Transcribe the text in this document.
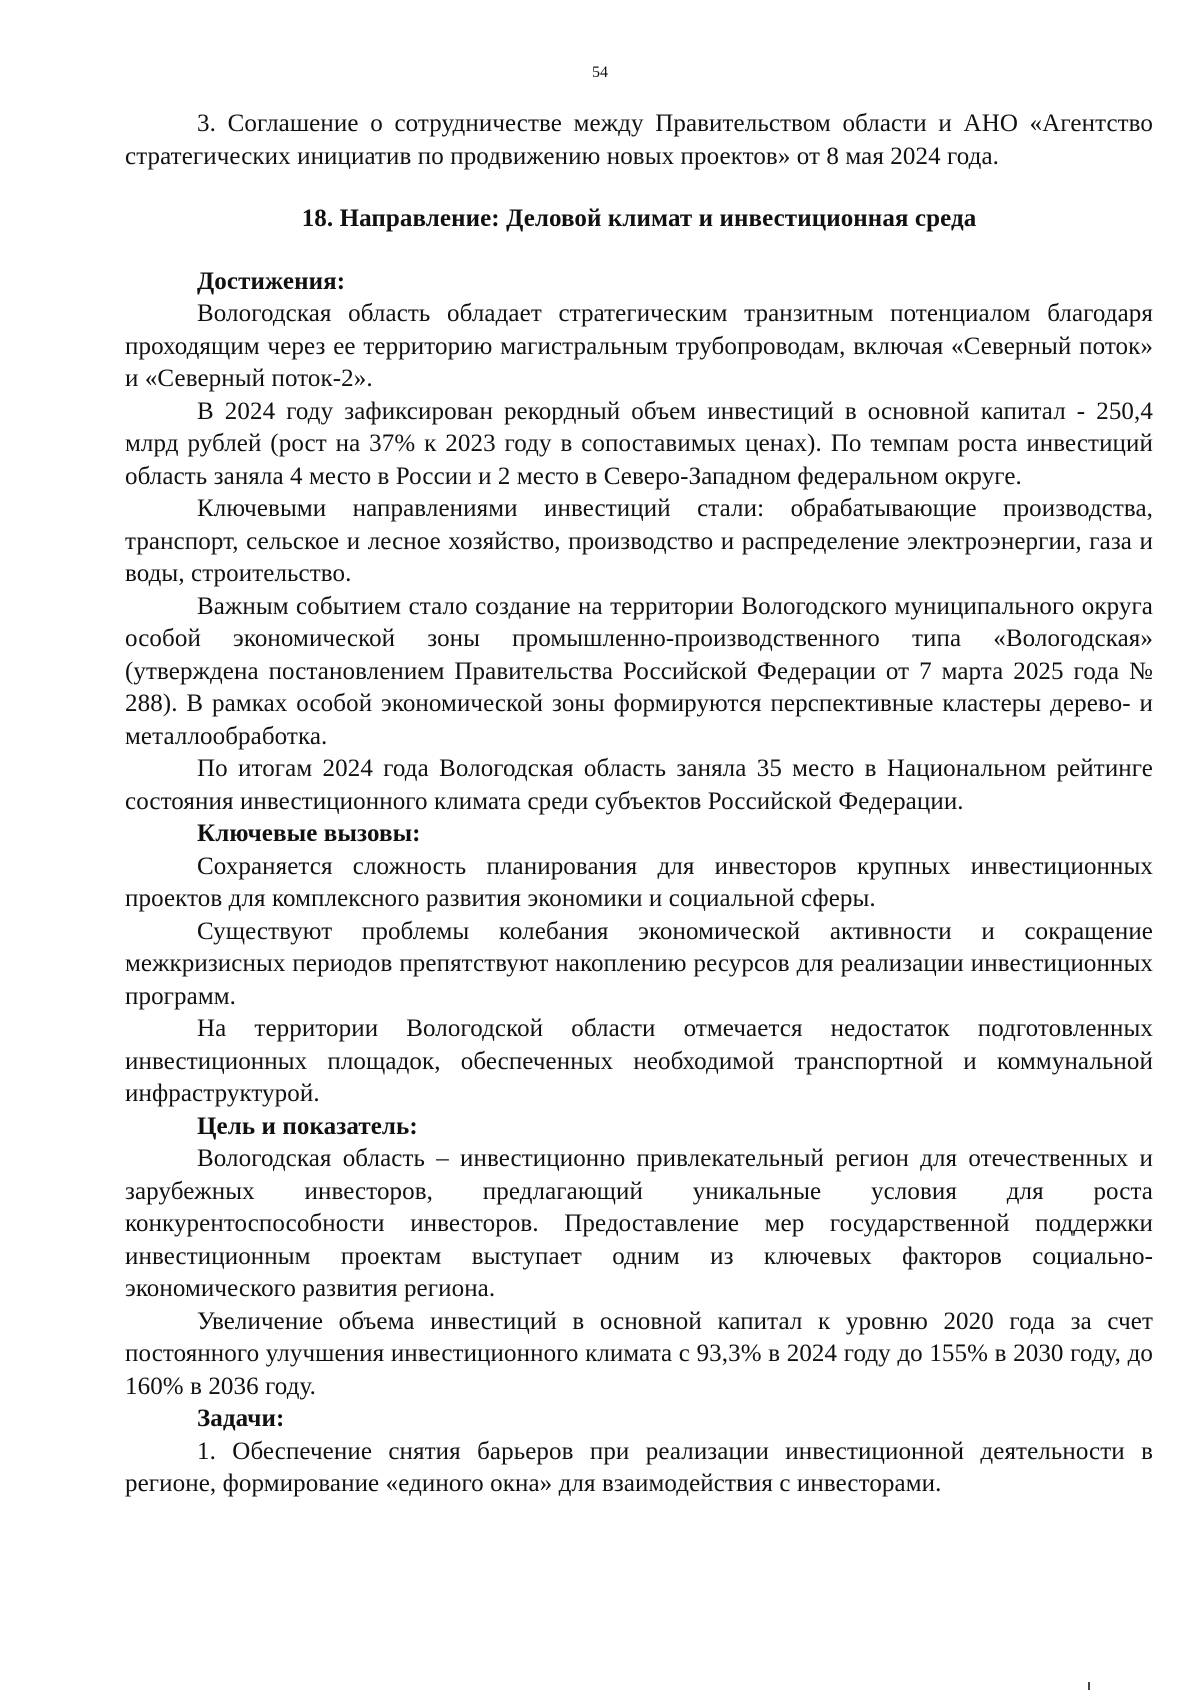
54

3. Соглашение о сотрудничестве между Правительством области и АНО «Агентство стратегических инициатив по продвижению новых проектов» от 8 мая 2024 года.

18. Направление: Деловой климат и инвестиционная среда
Достижения:

Вологодская область обладает стратегическим транзитным потенциалом благодаря проходящим через ее территорию магистральным трубопроводам, включая «Северный поток» и «Северный поток-2».

В 2024 году зафиксирован рекордный объем инвестиций в основной капитал - 250,4 млрд рублей (рост на 37% к 2023 году в сопоставимых ценах). По темпам роста инвестиций область заняла 4 место в России и 2 место в Северо-Западном федеральном округе.

Ключевыми направлениями инвестиций стали: обрабатывающие производства, транспорт, сельское и лесное хозяйство, производство и распределение электроэнергии, газа и воды, строительство.

Важным событием стало создание на территории Вологодского муниципального округа особой экономической зоны промышленно-производственного типа «Вологодская» (утверждена постановлением Правительства Российской Федерации от 7 марта 2025 года № 288). В рамках особой экономической зоны формируются перспективные кластеры дерево- и металлообработка.

По итогам 2024 года Вологодская область заняла 35 место в Национальном рейтинге состояния инвестиционного климата среди субъектов Российской Федерации.

Ключевые вызовы:

Сохраняется сложность планирования для инвесторов крупных инвестиционных проектов для комплексного развития экономики и социальной сферы.

Существуют проблемы колебания экономической активности и сокращение межкризисных периодов препятствуют накоплению ресурсов для реализации инвестиционных программ.

На территории Вологодской области отмечается недостаток подготовленных инвестиционных площадок, обеспеченных необходимой транспортной и коммунальной инфраструктурой.

Цель и показатель:

Вологодская область – инвестиционно привлекательный регион для отечественных и зарубежных инвесторов, предлагающий уникальные условия для роста конкурентоспособности инвесторов. Предоставление мер государственной поддержки инвестиционным проектам выступает одним из ключевых факторов социально-экономического развития региона.

Увеличение объема инвестиций в основной капитал к уровню 2020 года за счет постоянного улучшения инвестиционного климата с 93,3% в 2024 году до 155% в 2030 году, до 160% в 2036 году.

Задачи:

1. Обеспечение снятия барьеров при реализации инвестиционной деятельности в регионе, формирование «единого окна» для взаимодействия с инвесторами.
